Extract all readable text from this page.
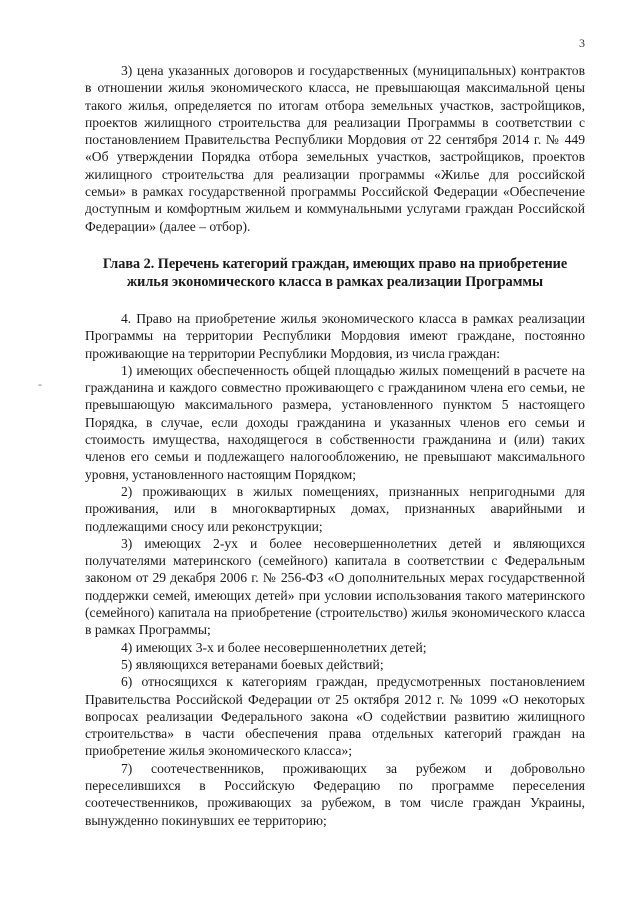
3
-

3) цена указанных договоров и государственных (муниципальных) контрактов в отношении жилья экономического класса, не превышающая максимальной цены такого жилья, определяется по итогам отбора земельных участков, застройщиков, проектов жилищного строительства для реализации Программы в соответствии с постановлением Правительства Республики Мордовия от 22 сентября 2014 г. № 449 «Об утверждении Порядка отбора земельных участков, застройщиков, проектов жилищного строительства для реализации программы «Жилье для российской семьи» в рамках государственной программы Российской Федерации «Обеспечение доступным и комфортным жильем и коммунальными услугами граждан Российской Федерации» (далее – отбор).

Глава 2. Перечень категорий граждан, имеющих право на приобретение жилья экономического класса в рамках реализации Программы

4. Право на приобретение жилья экономического класса в рамках реализации Программы на территории Республики Мордовия имеют граждане, постоянно проживающие на территории Республики Мордовия, из числа граждан:

1) имеющих обеспеченность общей площадью жилых помещений в расчете на гражданина и каждого совместно проживающего с гражданином члена его семьи, не превышающую максимального размера, установленного пунктом 5 настоящего Порядка, в случае, если доходы гражданина и указанных членов его семьи и стоимость имущества, находящегося в собственности гражданина и (или) таких членов его семьи и подлежащего налогообложению, не превышают максимального уровня, установленного настоящим Порядком;

2) проживающих в жилых помещениях, признанных непригодными для проживания, или в многоквартирных домах, признанных аварийными и подлежащими сносу или реконструкции;

3) имеющих 2-ух и более несовершеннолетних детей и являющихся получателями материнского (семейного) капитала в соответствии с Федеральным законом от 29 декабря 2006 г. № 256-ФЗ «О дополнительных мерах государственной поддержки семей, имеющих детей» при условии использования такого материнского (семейного) капитала на приобретение (строительство) жилья экономического класса в рамках Программы;

4) имеющих 3-х и более несовершеннолетних детей;

5) являющихся ветеранами боевых действий;

6) относящихся к категориям граждан, предусмотренных постановлением Правительства Российской Федерации от 25 октября 2012 г. № 1099 «О некоторых вопросах реализации Федерального закона «О содействии развитию жилищного строительства» в части обеспечения права отдельных категорий граждан на приобретение жилья экономического класса»;

7) соотечественников, проживающих за рубежом и добровольно переселившихся в Российскую Федерацию по программе переселения соотечественников, проживающих за рубежом, в том числе граждан Украины, вынужденно покинувших ее территорию;
